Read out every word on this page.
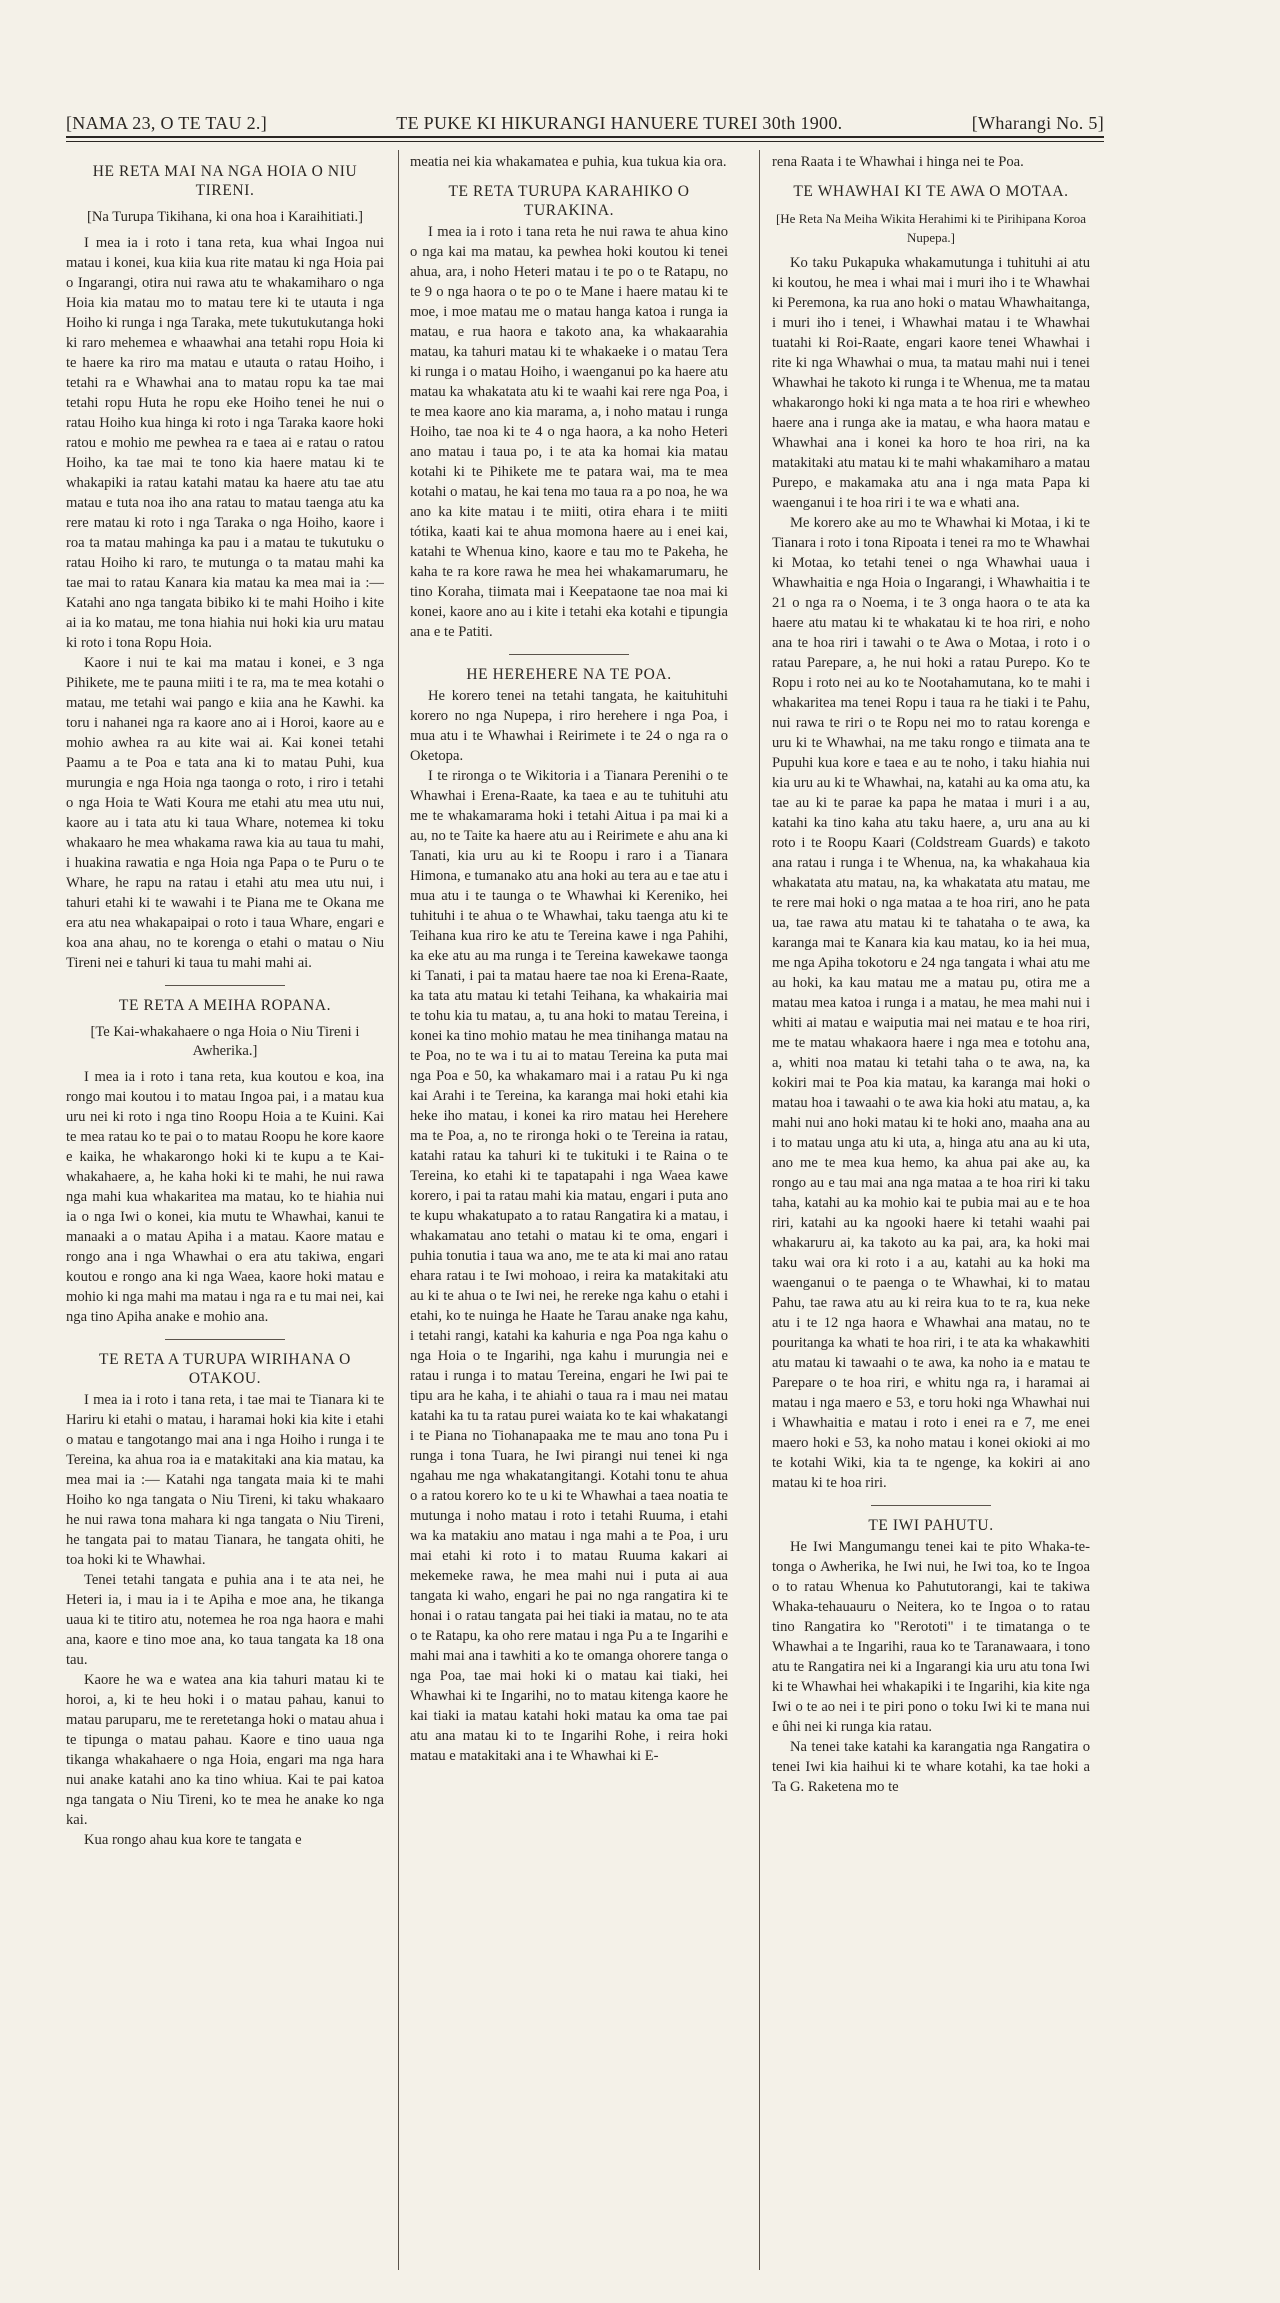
[NAMA 23, O TE TAU 2.]	TE PUKE KI HIKURANGI HANUERE TUREI 30th 1900.	[Wharangi No. 5]
HE RETA MAI NA NGA HOIA O NIU TIRENI.
[Na Turupa Tikihana, ki ona hoa i Karaihitiati.]

I mea ia i roto i tana reta, kua whai Ingoa nui matau i konei, kua kiia kua rite matau ki nga Hoia pai o Ingarangi, otira nui rawa atu te whakamiharo o nga Hoia kia matau mo to matau tere ki te utauta i nga Hoiho ki runga i nga Taraka, mete tukutukutanga hoki ki raro mehemea e whaawhai ana tetahi ropu Hoia ki te haere ka riro ma matau e utauta o ratau Hoiho, i tetahi ra e Whawhai ana to matau ropu ka tae mai tetahi ropu Huta he ropu eke Hoiho tenei he nui o ratau Hoiho kua hinga ki roto i nga Taraka kaore hoki ratou e mohio me pewhea ra e taea ai e ratau o ratou Hoiho, ka tae mai te tono kia haere matau ki te whakapiki ia ratau katahi matau ka haere atu tae atu matau e tuta noa iho ana ratau to matau taenga atu ka rere matau ki roto i nga Taraka o nga Hoiho, kaore i roa ta matau mahinga ka pau i a matau te tukutuku o ratau Hoiho ki raro, te mutunga o ta matau mahi ka tae mai to ratau Kanara kia matau ka mea mai ia :— Katahi ano nga tangata bibiko ki te mahi Hoiho i kite ai ia ko matau, me tona hiahia nui hoki kia uru matau ki roto i tona Ropu Hoia.

Kaore i nui te kai ma matau i konei, e 3 nga Pihikete, me te pauna miiti i te ra, ma te mea kotahi o matau, me tetahi wai pango e kiia ana he Kawhi. ka toru i nahanei nga ra kaore ano ai i Horoi, kaore au e mohio awhea ra au kite wai ai. Kai konei tetahi Paamu a te Poa e tata ana ki to matau Puhi, kua murungia e nga Hoia nga taonga o roto, i riro i tetahi o nga Hoia te Wati Koura me etahi atu mea utu nui, kaore au i tata atu ki taua Whare, notemea ki toku whakaaro he mea whakama rawa kia au taua tu mahi, i huakina rawatia e nga Hoia nga Papa o te Puru o te Whare, he rapu na ratau i etahi atu mea utu nui, i tahuri etahi ki te wawahi i te Piana me te Okana me era atu nea whakapaipai o roto i taua Whare, engari e koa ana ahau, no te korenga o etahi o matau o Niu Tireni nei e tahuri ki taua tu mahi mahi ai.

TE RETA A MEIHA ROPANA.
[Te Kai-whakahaere o nga Hoia o Niu Tireni i Awherika.]

I mea ia i roto i tana reta, kua koutou e koa, ina rongo mai koutou i to matau Ingoa pai, i a matau kua uru nei ki roto i nga tino Roopu Hoia a te Kuini. Kai te mea ratau ko te pai o to matau Roopu he kore kaore e kaika, he whakarongo hoki ki te kupu a te Kai-whakahaere, a, he kaha hoki ki te mahi, he nui rawa nga mahi kua whakaritea ma matau, ko te hiahia nui ia o nga Iwi o konei, kia mutu te Whawhai, kanui te manaaki a o matau Apiha i a matau. Kaore matau e rongo ana i nga Whawhai o era atu takiwa, engari koutou e rongo ana ki nga Waea, kaore hoki matau e mohio ki nga mahi ma matau i nga ra e tu mai nei, kai nga tino Apiha anake e mohio ana.

TE RETA A TURUPA WIRIHANA O OTAKOU.

I mea ia i roto i tana reta, i tae mai te Tianara ki te Hariru ki etahi o matau, i haramai hoki kia kite i etahi o matau e tangotango mai ana i nga Hoiho i runga i te Tereina, ka ahua roa ia e matakitaki ana kia matau, ka mea mai ia :— Katahi nga tangata maia ki te mahi Hoiho ko nga tangata o Niu Tireni, ki taku whakaaro he nui rawa tona mahara ki nga tangata o Niu Tireni, he tangata pai to matau Tianara, he tangata ohiti, he toa hoki ki te Whawhai.

Tenei tetahi tangata e puhia ana i te ata nei, he Heteri ia, i mau ia i te Apiha e moe ana, he tikanga uaua ki te titiro atu, notemea he roa nga haora e mahi ana, kaore e tino moe ana, ko taua tangata ka 18 ona tau.

Kaore he wa e watea ana kia tahuri matau ki te horoi, a, ki te heu hoki i o matau pahau, kanui to matau paruparu, me te reretetanga hoki o matau ahua i te tipunga o matau pahau. Kaore e tino uaua nga tikanga whakahaere o nga Hoia, engari ma nga hara nui anake katahi ano ka tino whiua. Kai te pai katoa nga tangata o Niu Tireni, ko te mea he anake ko nga kai.

Kua rongo ahau kua kore te tangata e

meatia nei kia whakamatea e puhia, kua tukua kia ora.

TE RETA TURUPA KARAHIKO O TURAKINA.

I mea ia i roto i tana reta he nui rawa te ahua kino o nga kai ma matau, ka pewhea hoki koutou ki tenei ahua, ara, i noho Heteri matau i te po o te Ratapu, no te 9 o nga haora o te po o te Mane i haere matau ki te moe, i moe matau me o matau hanga katoa i runga ia matau, e rua haora e takoto ana, ka whakaarahia matau, ka tahuri matau ki te whakaeke i o matau Tera ki runga i o matau Hoiho, i waenganui po ka haere atu matau ka whakatata atu ki te waahi kai rere nga Poa, i te mea kaore ano kia marama, a, i noho matau i runga Hoiho, tae noa ki te 4 o nga haora, a ka noho Heteri ano matau i taua po, i te ata ka homai kia matau kotahi ki te Pihikete me te patara wai, ma te mea kotahi o matau, he kai tena mo taua ra a po noa, he wa ano ka kite matau i te miiti, otira ehara i te miiti tótika, kaati kai te ahua momona haere au i enei kai, katahi te Whenua kino, kaore e tau mo te Pakeha, he kaha te ra kore rawa he mea hei whakamarumaru, he tino Koraha, tiimata mai i Keepataone tae noa mai ki konei, kaore ano au i kite i tetahi eka kotahi e tipungia ana e te Patiti.

HE HEREHERE NA TE POA.

He korero tenei na tetahi tangata, he kaituhituhi korero no nga Nupepa, i riro herehere i nga Poa, i mua atu i te Whawhai i Reirimete i te 24 o nga ra o Oketopa.

I te rironga o te Wikitoria i a Tianara Perenihi o te Whawhai i Erena-Raate, ka taea e au te tuhituhi atu me te whakamarama hoki i tetahi Aitua i pa mai ki a au, no te Taite ka haere atu au i Reirimete e ahu ana ki Tanati, kia uru au ki te Roopu i raro i a Tianara Himona, e tumanako atu ana hoki au tera au e tae atu i mua atu i te taunga o te Whawhai ki Kereniko, hei tuhituhi i te ahua o te Whawhai, taku taenga atu ki te Teihana kua riro ke atu te Tereina kawe i nga Pahihi, ka eke atu au ma runga i te Tereina kawekawe taonga ki Tanati, i pai ta matau haere tae noa ki Erena-Raate, ka tata atu matau ki tetahi Teihana, ka whakairia mai te tohu kia tu matau, a, tu ana hoki to matau Tereina, i konei ka tino mohio matau he mea tinihanga matau na te Poa, no te wa i tu ai to matau Tereina ka puta mai nga Poa e 50, ka whakamaro mai i a ratau Pu ki nga kai Arahi i te Tereina, ka karanga mai hoki etahi kia heke iho matau, i konei ka riro matau hei Herehere ma te Poa, a, no te rironga hoki o te Tereina ia ratau, katahi ratau ka tahuri ki te tukituki i te Raina o te Tereina, ko etahi ki te tapatapahi i nga Waea kawe korero, i pai ta ratau mahi kia matau, engari i puta ano te kupu whakatupato a to ratau Rangatira ki a matau, i whakamatau ano tetahi o matau ki te oma, engari i puhia tonutia i taua wa ano, me te ata ki mai ano ratau ehara ratau i te Iwi mohoao, i reira ka matakitaki atu au ki te ahua o te Iwi nei, he rereke nga kahu o etahi i etahi, ko te nuinga he Haate he Tarau anake nga kahu, i tetahi rangi, katahi ka kahuria e nga Poa nga kahu o nga Hoia o te Ingarihi, nga kahu i murungia nei e ratau i runga i to matau Tereina, engari he Iwi pai te tipu ara he kaha, i te ahiahi o taua ra i mau nei matau katahi ka tu ta ratau purei waiata ko te kai whakatangi i te Piana no Tiohanapaaka me te mau ano tona Pu i runga i tona Tuara, he Iwi pirangi nui tenei ki nga ngahau me nga whakatangitangi. Kotahi tonu te ahua o a ratou korero ko te u ki te Whawhai a taea noatia te mutunga i noho matau i roto i tetahi Ruuma, i etahi wa ka matakiu ano matau i nga mahi a te Poa, i uru mai etahi ki roto i to matau Ruuma kakari ai mekemeke rawa, he mea mahi nui i puta ai aua tangata ki waho, engari he pai no nga rangatira ki te honai i o ratau tangata pai hei tiaki ia matau, no te ata o te Ratapu, ka oho rere matau i nga Pu a te Ingarihi e mahi mai ana i tawhiti a ko te omanga ohorere tanga o nga Poa, tae mai hoki ki o matau kai tiaki, hei Whawhai ki te Ingarihi, no to matau kitenga kaore he kai tiaki ia matau katahi hoki matau ka oma tae pai atu ana matau ki to te Ingarihi Rohe, i reira hoki matau e matakitaki ana i te Whawhai ki E-

rena Raata i te Whawhai i hinga nei te Poa.

TE WHAWHAI KI TE AWA O MOTAA.
[He Reta Na Meiha Wikita Herahimi ki te Pirihipana Koroa Nupepa.]

Ko taku Pukapuka whakamutunga i tuhituhi ai atu ki koutou, he mea i whai mai i muri iho i te Whawhai ki Peremona, ka rua ano hoki o matau Whawhaitanga, i muri iho i tenei, i Whawhai matau i te Whawhai tuatahi ki Roi-Raate, engari kaore tenei Whawhai i rite ki nga Whawhai o mua, ta matau mahi nui i tenei Whawhai he takoto ki runga i te Whenua, me ta matau whakarongo hoki ki nga mata a te hoa riri e whewheo haere ana i runga ake ia matau, e wha haora matau e Whawhai ana i konei ka horo te hoa riri, na ka matakitaki atu matau ki te mahi whakamiharo a matau Purepo, e makamaka atu ana i nga mata Papa ki waenganui i te hoa riri i te wa e whati ana.

Me korero ake au mo te Whawhai ki Motaa, i ki te Tianara i roto i tona Ripoata i tenei ra mo te Whawhai ki Motaa, ko tetahi tenei o nga Whawhai uaua i Whawhaitia e nga Hoia o Ingarangi, i Whawhaitia i te 21 o nga ra o Noema, i te 3 onga haora o te ata ka haere atu matau ki te whakatau ki te hoa riri, e noho ana te hoa riri i tawahi o te Awa o Motaa, i roto i o ratau Parepare, a, he nui hoki a ratau Purepo. Ko te Ropu i roto nei au ko te Nootahamutana, ko te mahi i whakaritea ma tenei Ropu i taua ra he tiaki i te Pahu, nui rawa te riri o te Ropu nei mo to ratau korenga e uru ki te Whawhai, na me taku rongo e tiimata ana te Pupuhi kua kore e taea e au te noho, i taku hiahia nui kia uru au ki te Whawhai, na, katahi au ka oma atu, ka tae au ki te parae ka papa he mataa i muri i a au, katahi ka tino kaha atu taku haere, a, uru ana au ki roto i te Roopu Kaari (Coldstream Guards) e takoto ana ratau i runga i te Whenua, na, ka whakahaua kia whakatata atu matau, na, ka whakatata atu matau, me te rere mai hoki o nga mataa a te hoa riri, ano he pata ua, tae rawa atu matau ki te tahataha o te awa, ka karanga mai te Kanara kia kau matau, ko ia hei mua, me nga Apiha tokotoru e 24 nga tangata i whai atu me au hoki, ka kau matau me a matau pu, otira me a matau mea katoa i runga i a matau, he mea mahi nui i whiti ai matau e waiputia mai nei matau e te hoa riri, me te matau whakaora haere i nga mea e totohu ana, a, whiti noa matau ki tetahi taha o te awa, na, ka kokiri mai te Poa kia matau, ka karanga mai hoki o matau hoa i tawaahi o te awa kia hoki atu matau, a, ka mahi nui ano hoki matau ki te hoki ano, maaha ana au i to matau unga atu ki uta, a, hinga atu ana au ki uta, ano me te mea kua hemo, ka ahua pai ake au, ka rongo au e tau mai ana nga mataa a te hoa riri ki taku taha, katahi au ka mohio kai te pubia mai au e te hoa riri, katahi au ka ngooki haere ki tetahi waahi pai whakaruru ai, ka takoto au ka pai, ara, ka hoki mai taku wai ora ki roto i a au, katahi au ka hoki ma waenganui o te paenga o te Whawhai, ki to matau Pahu, tae rawa atu au ki reira kua to te ra, kua neke atu i te 12 nga haora e Whawhai ana matau, no te pouritanga ka whati te hoa riri, i te ata ka whakawhiti atu matau ki tawaahi o te awa, ka noho ia e matau te Parepare o te hoa riri, e whitu nga ra, i haramai ai matau i nga maero e 53, e toru hoki nga Whawhai nui i Whawhaitia e matau i roto i enei ra e 7, me enei maero hoki e 53, ka noho matau i konei okioki ai mo te kotahi Wiki, kia ta te ngenge, ka kokiri ai ano matau ki te hoa riri.

TE IWI PAHUTU.

He Iwi Mangumangu tenei kai te pito Whaka-te-tonga o Awherika, he Iwi nui, he Iwi toa, ko te Ingoa o to ratau Whenua ko Pahututorangi, kai te takiwa Whaka-tehauauru o Neitera, ko te Ingoa o to ratau tino Rangatira ko "Rerototi" i te timatanga o te Whawhai a te Ingarihi, raua ko te Taranawaara, i tono atu te Rangatira nei ki a Ingarangi kia uru atu tona Iwi ki te Whawhai hei whakapiki i te Ingarihi, kia kite nga Iwi o te ao nei i te piri pono o toku Iwi ki te mana nui e ûhi nei ki runga kia ratau.

Na tenei take katahi ka karangatia nga Rangatira o tenei Iwi kia haihui ki te whare kotahi, ka tae hoki a Ta G. Raketena mo te
